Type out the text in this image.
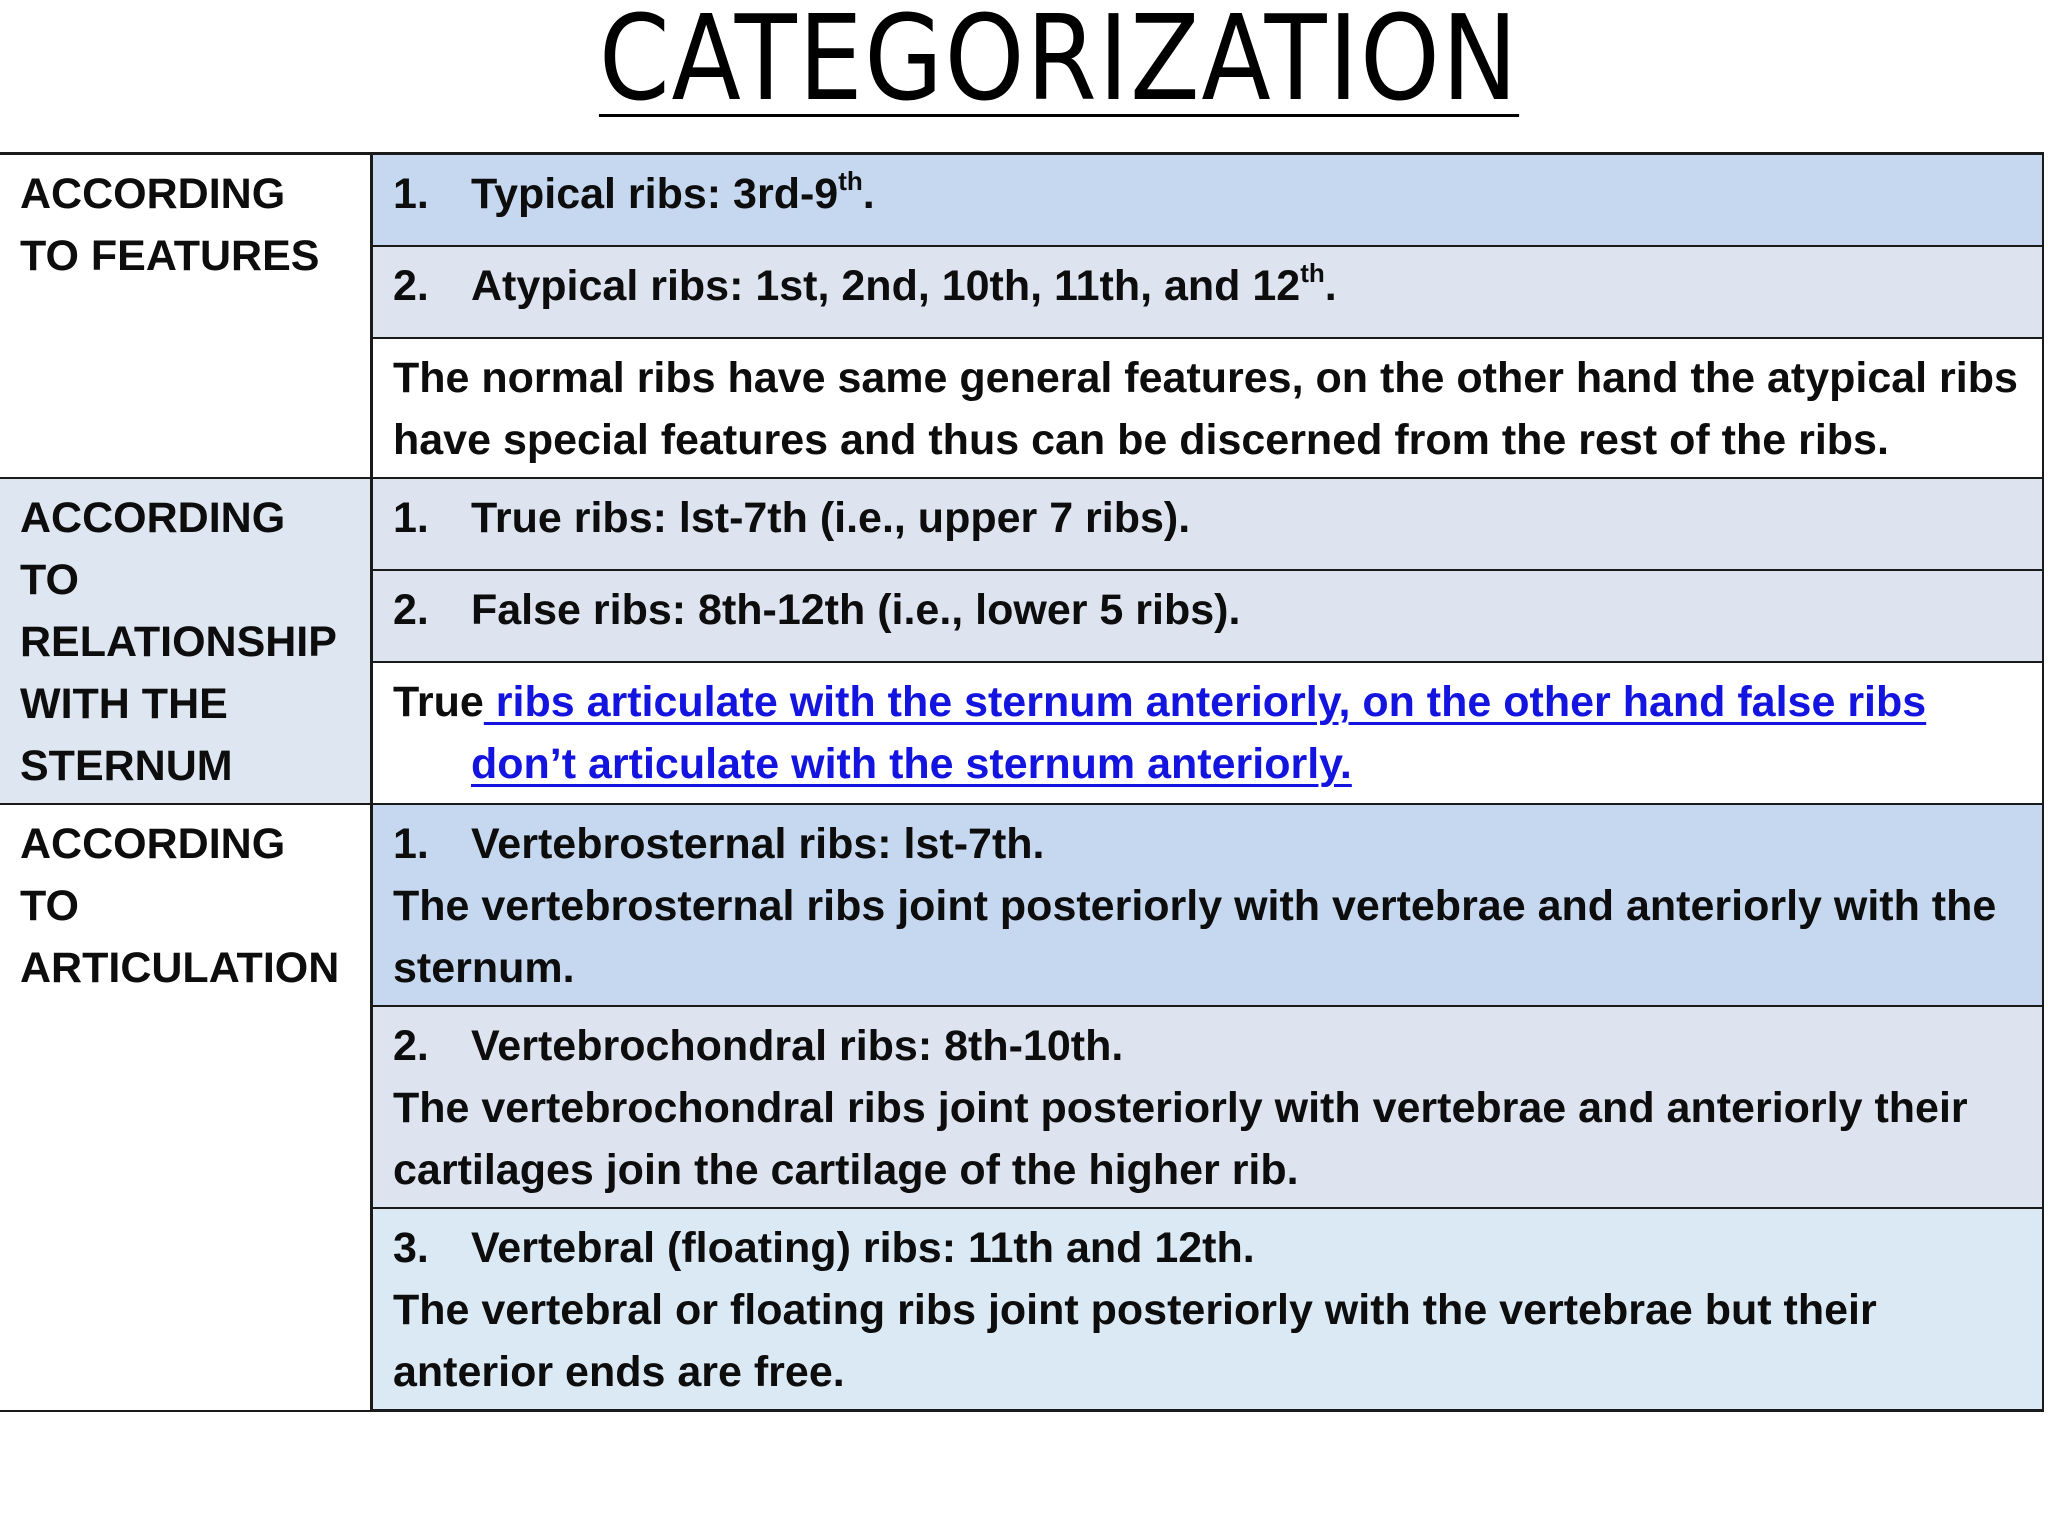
CATEGORIZATION
ACCORDING TO FEATURES	1. Typical ribs: 3rd-9th.
	2. Atypical ribs: 1st, 2nd, 10th, 11th, and 12th.
	The normal ribs have same general features, on the other hand the atypical ribs have special features and thus can be discerned from the rest of the ribs.
ACCORDING TO RELATIONSHIP WITH THE STERNUM	1. True ribs: lst-7th (i.e., upper 7 ribs).
	2. False ribs: 8th-12th (i.e., lower 5 ribs).
	True ribs articulate with the sternum anteriorly, on the other hand false ribs don’t articulate with the sternum anteriorly.
ACCORDING TO ARTICULATION	1. Vertebrosternal ribs: lst-7th.
The vertebrosternal ribs joint posteriorly with vertebrae and anteriorly with the sternum.

	2. Vertebrochondral ribs: 8th-10th.
The vertebrochondral ribs joint posteriorly with vertebrae and anteriorly their cartilages join the cartilage of the higher rib.

	3. Vertebral (floating) ribs: 11th and 12th.
The vertebral or floating ribs joint posteriorly with the vertebrae but their anterior ends are free.
